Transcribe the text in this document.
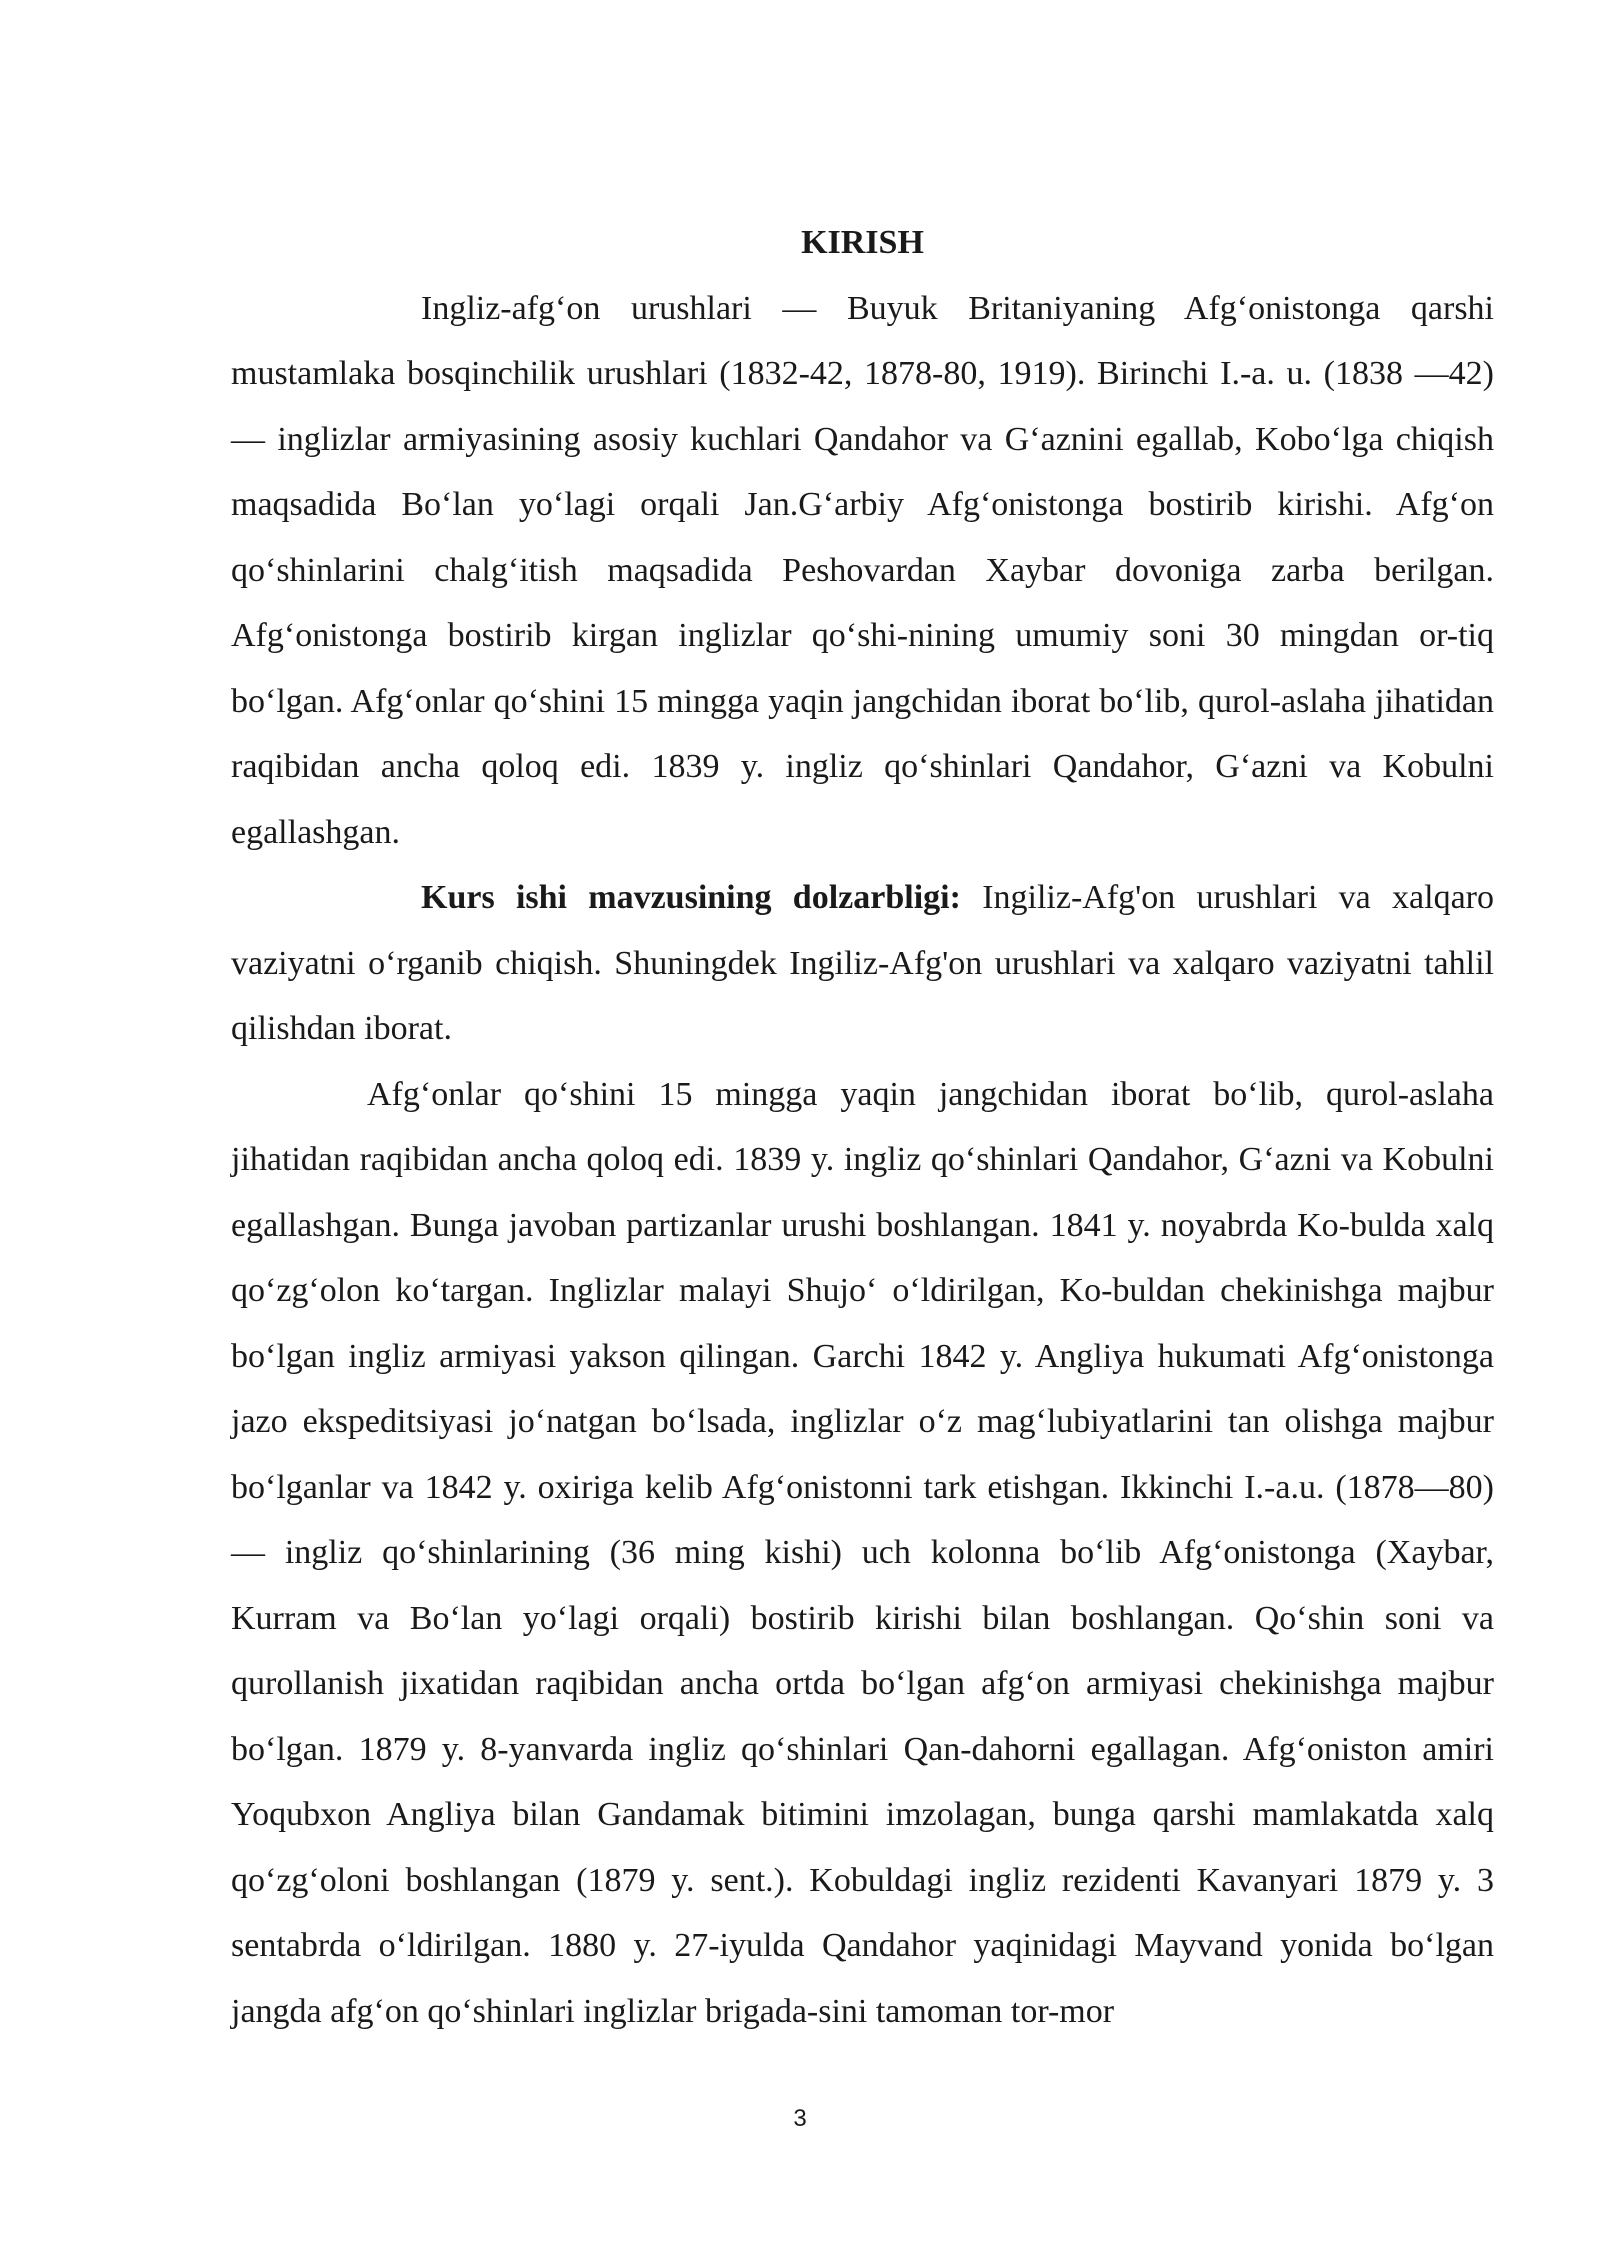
KIRISH

Ingliz-afg‘on urushlari — Buyuk Britaniyaning Afg‘onistonga qarshi mustamlaka bosqinchilik urushlari (1832-42, 1878-80, 1919). Birinchi I.-a. u. (1838 —42) — inglizlar armiyasining asosiy kuchlari Qandahor va G‘aznini egallab, Kobo‘lga chiqish maqsadida Bo‘lan yo‘lagi orqali Jan.G‘arbiy Afg‘onistonga bostirib kirishi. Afg‘on qo‘shinlarini chalg‘itish maqsadida Peshovardan Xaybar dovoniga zarba berilgan. Afg‘onistonga bostirib kirgan inglizlar qo‘shi-nining umumiy soni 30 mingdan or-tiq bo‘lgan. Afg‘onlar qo‘shini 15 mingga yaqin jangchidan iborat bo‘lib, qurol-aslaha jihatidan raqibidan ancha qoloq edi. 1839 y. ingliz qo‘shinlari Qandahor, G‘azni va Kobulni egallashgan.

Kurs ishi mavzusining dolzarbligi: Ingiliz-Afg'on urushlari va xalqaro vaziyatni o‘rganib chiqish. Shuningdek Ingiliz-Afg'on urushlari va xalqaro vaziyatni tahlil qilishdan iborat.

Afg‘onlar qo‘shini 15 mingga yaqin jangchidan iborat bo‘lib, qurol-aslaha jihatidan raqibidan ancha qoloq edi. 1839 y. ingliz qo‘shinlari Qandahor, G‘azni va Kobulni egallashgan. Bunga javoban partizanlar urushi boshlangan. 1841 y. noyabrda Ko-bulda xalq qo‘zg‘olon ko‘targan. Inglizlar malayi Shujo‘ o‘ldirilgan, Ko-buldan chekinishga majbur bo‘lgan ingliz armiyasi yakson qilingan. Garchi 1842 y. Angliya hukumati Afg‘onistonga jazo ekspeditsiyasi jo‘natgan bo‘lsada, inglizlar o‘z mag‘lubiyatlarini tan olishga majbur bo‘lganlar va 1842 y. oxiriga kelib Afg‘onistonni tark etishgan. Ikkinchi I.-a.u. (1878—80) — ingliz qo‘shinlarining (36 ming kishi) uch kolonna bo‘lib Afg‘onistonga (Xaybar, Kurram va Bo‘lan yo‘lagi orqali) bostirib kirishi bilan boshlangan. Qo‘shin soni va qurollanish jixatidan raqibidan ancha ortda bo‘lgan afg‘on armiyasi chekinishga majbur bo‘lgan. 1879 y. 8-yanvarda ingliz qo‘shinlari Qan-dahorni egallagan. Afg‘oniston amiri Yoqubxon Angliya bilan Gandamak bitimini imzolagan, bunga qarshi mamlakatda xalq qo‘zg‘oloni boshlangan (1879 y. sent.). Kobuldagi ingliz rezidenti Kavanyari 1879 y. 3 sentabrda o‘ldirilgan. 1880 y. 27-iyulda Qandahor yaqinidagi Mayvand yonida bo‘lgan jangda afg‘on qo‘shinlari inglizlar brigada-sini tamoman tor-mor

3
